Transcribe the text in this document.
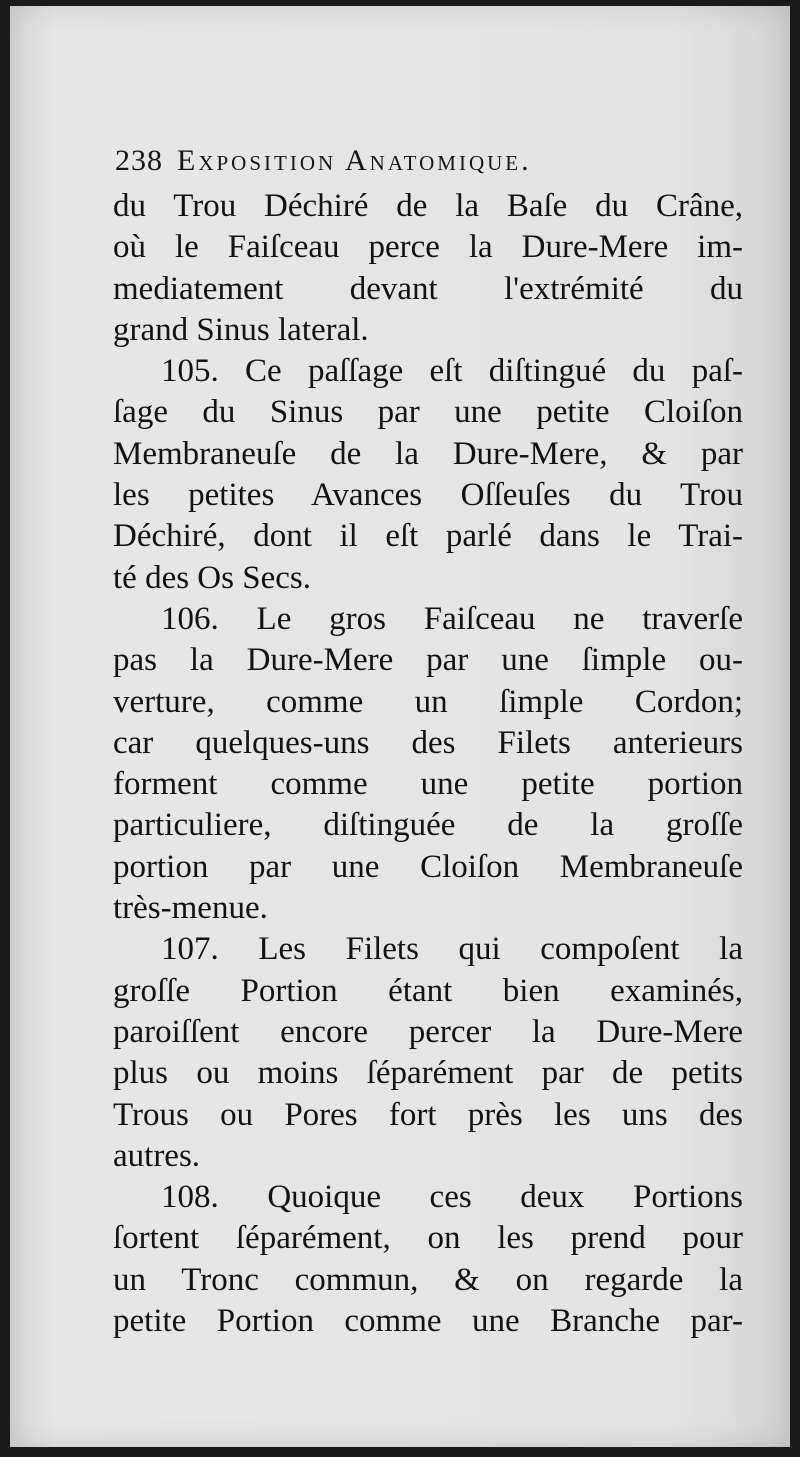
238 Exposition Anatomique.
du Trou Déchiré de la Baſe du Crâne,
où le Faiſceau perce la Dure-Mere im-
mediatement devant l'extrémité du
grand Sinus lateral.
105. Ce paſſage eſt diſtingué du paſ-
ſage du Sinus par une petite Cloiſon
Membraneuſe de la Dure-Mere, & par
les petites Avances Oſſeuſes du Trou
Déchiré, dont il eſt parlé dans le Trai-
té des Os Secs.
106. Le gros Faiſceau ne traverſe
pas la Dure-Mere par une ſimple ou-
verture, comme un ſimple Cordon;
car quelques-uns des Filets anterieurs
forment comme une petite portion
particuliere, diſtinguée de la groſſe
portion par une Cloiſon Membraneuſe
très-menue.
107. Les Filets qui compoſent la
groſſe Portion étant bien examinés,
paroiſſent encore percer la Dure-Mere
plus ou moins ſéparément par de petits
Trous ou Pores fort près les uns des
autres.
108. Quoique ces deux Portions
ſortent ſéparément, on les prend pour
un Tronc commun, & on regarde la
petite Portion comme une Branche par-
